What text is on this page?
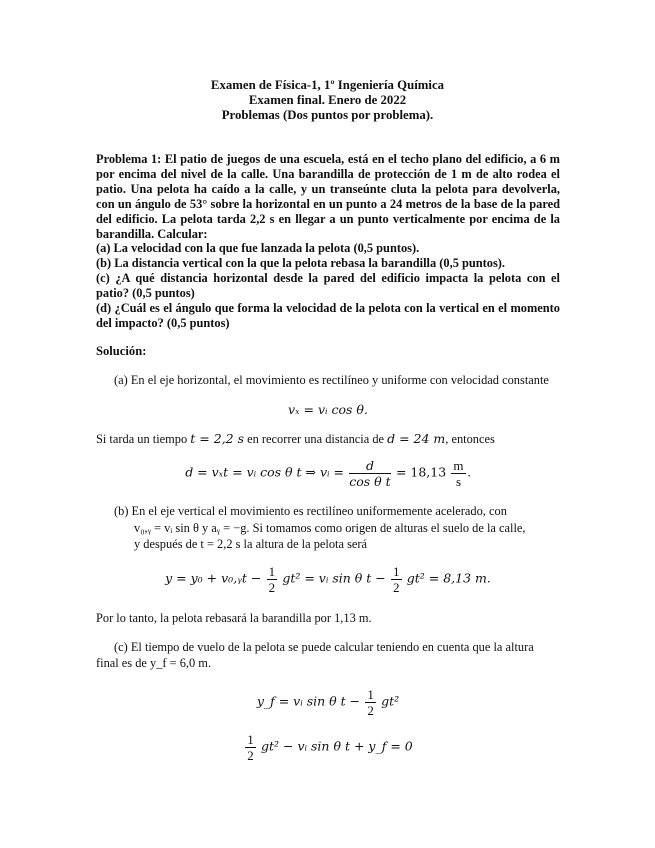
Examen de Física-1, 1º Ingeniería Química
Examen final. Enero de 2022
Problemas (Dos puntos por problema).

Problema 1: El patio de juegos de una escuela, está en el techo plano del edificio, a 6 m por encima del nivel de la calle. Una barandilla de protección de 1 m de alto rodea el patio. Una pelota ha caído a la calle, y un transeúnte cluta la pelota para devolverla, con un ángulo de 53° sobre la horizontal en un punto a 24 metros de la base de la pared del edificio. La pelota tarda 2,2 s en llegar a un punto verticalmente por encima de la barandilla. Calcular:

(a) La velocidad con la que fue lanzada la pelota (0,5 puntos).

(b) La distancia vertical con la que la pelota rebasa la barandilla (0,5 puntos).

(c) ¿A qué distancia horizontal desde la pared del edificio impacta la pelota con el patio? (0,5 puntos)

(d) ¿Cuál es el ángulo que forma la velocidad de la pelota con la vertical en el momento del impacto? (0,5 puntos)

Solución:
(a) En el eje horizontal, el movimiento es rectilíneo y uniforme con velocidad constante
vₓ = vᵢ cos θ.
Si tarda un tiempo t = 2,2 s en recorrer una distancia de d = 24 m, entonces
d = vₓt = vᵢ cos θ t ⇒ vᵢ = $\frac{d}{\text{cos θ t}} = 18,13 \frac{m}{s}$ .
(b) En el eje vertical el movimiento es rectilíneo uniformemente acelerado, con
v₀,ᵧ = vᵢ sin θ y aᵧ = −g. Si tomamos como origen de alturas el suelo de la calle,
y después de t = 2,2 s la altura de la pelota será
y = y₀ + v₀,ᵧt − $\frac{1}{2} gt^2$ = vᵢ sin θ $t - \frac{1}{2} gt^2 = 8,13$ m.
Por lo tanto, la pelota rebasará la barandilla por 1,13 m.
(c) El tiempo de vuelo de la pelota se puede calcular teniendo en cuenta que la altura
final es de y_f = 6,0 m.
y_f = vᵢ sin θ $t - \frac{1}{2} gt^2$
$\frac{1}{2} gt^2$ − vᵢ sin θ t + y_f = 0
